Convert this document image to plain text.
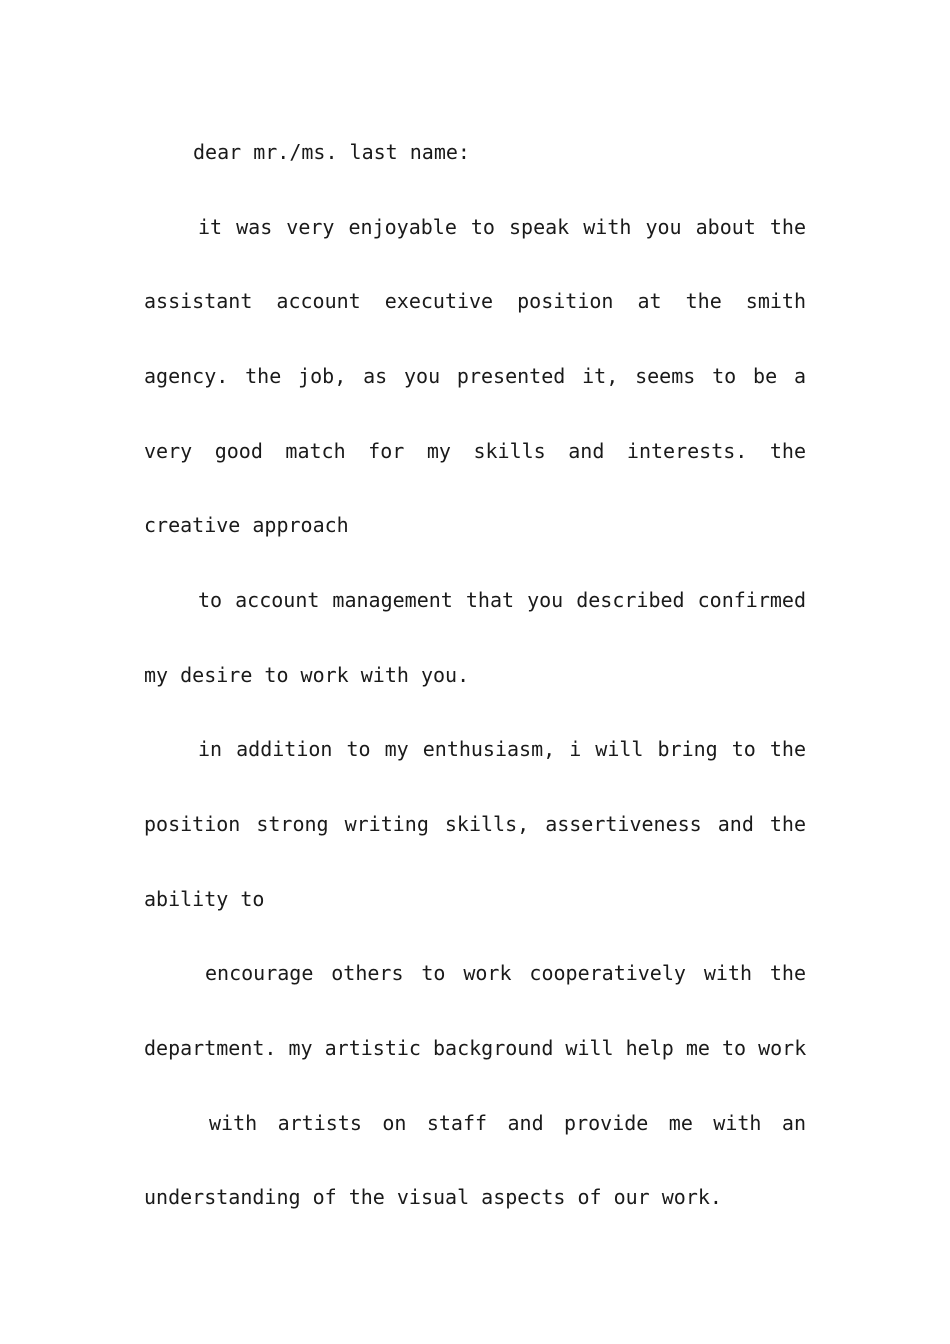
dear mr./ms. last name:
it was very enjoyable to speak with you about the
assistant account executive position at the smith
agency. the job, as you presented it, seems to be a
very good match for my skills and interests. the
creative approach
to account management that you described confirmed
my desire to work with you.
in addition to my enthusiasm, i will bring to the
position strong writing skills, assertiveness and the
ability to
encourage others to work cooperatively with the
department. my artistic background will help me to work
with artists on staff and provide me with an
understanding of the visual aspects of our work.
